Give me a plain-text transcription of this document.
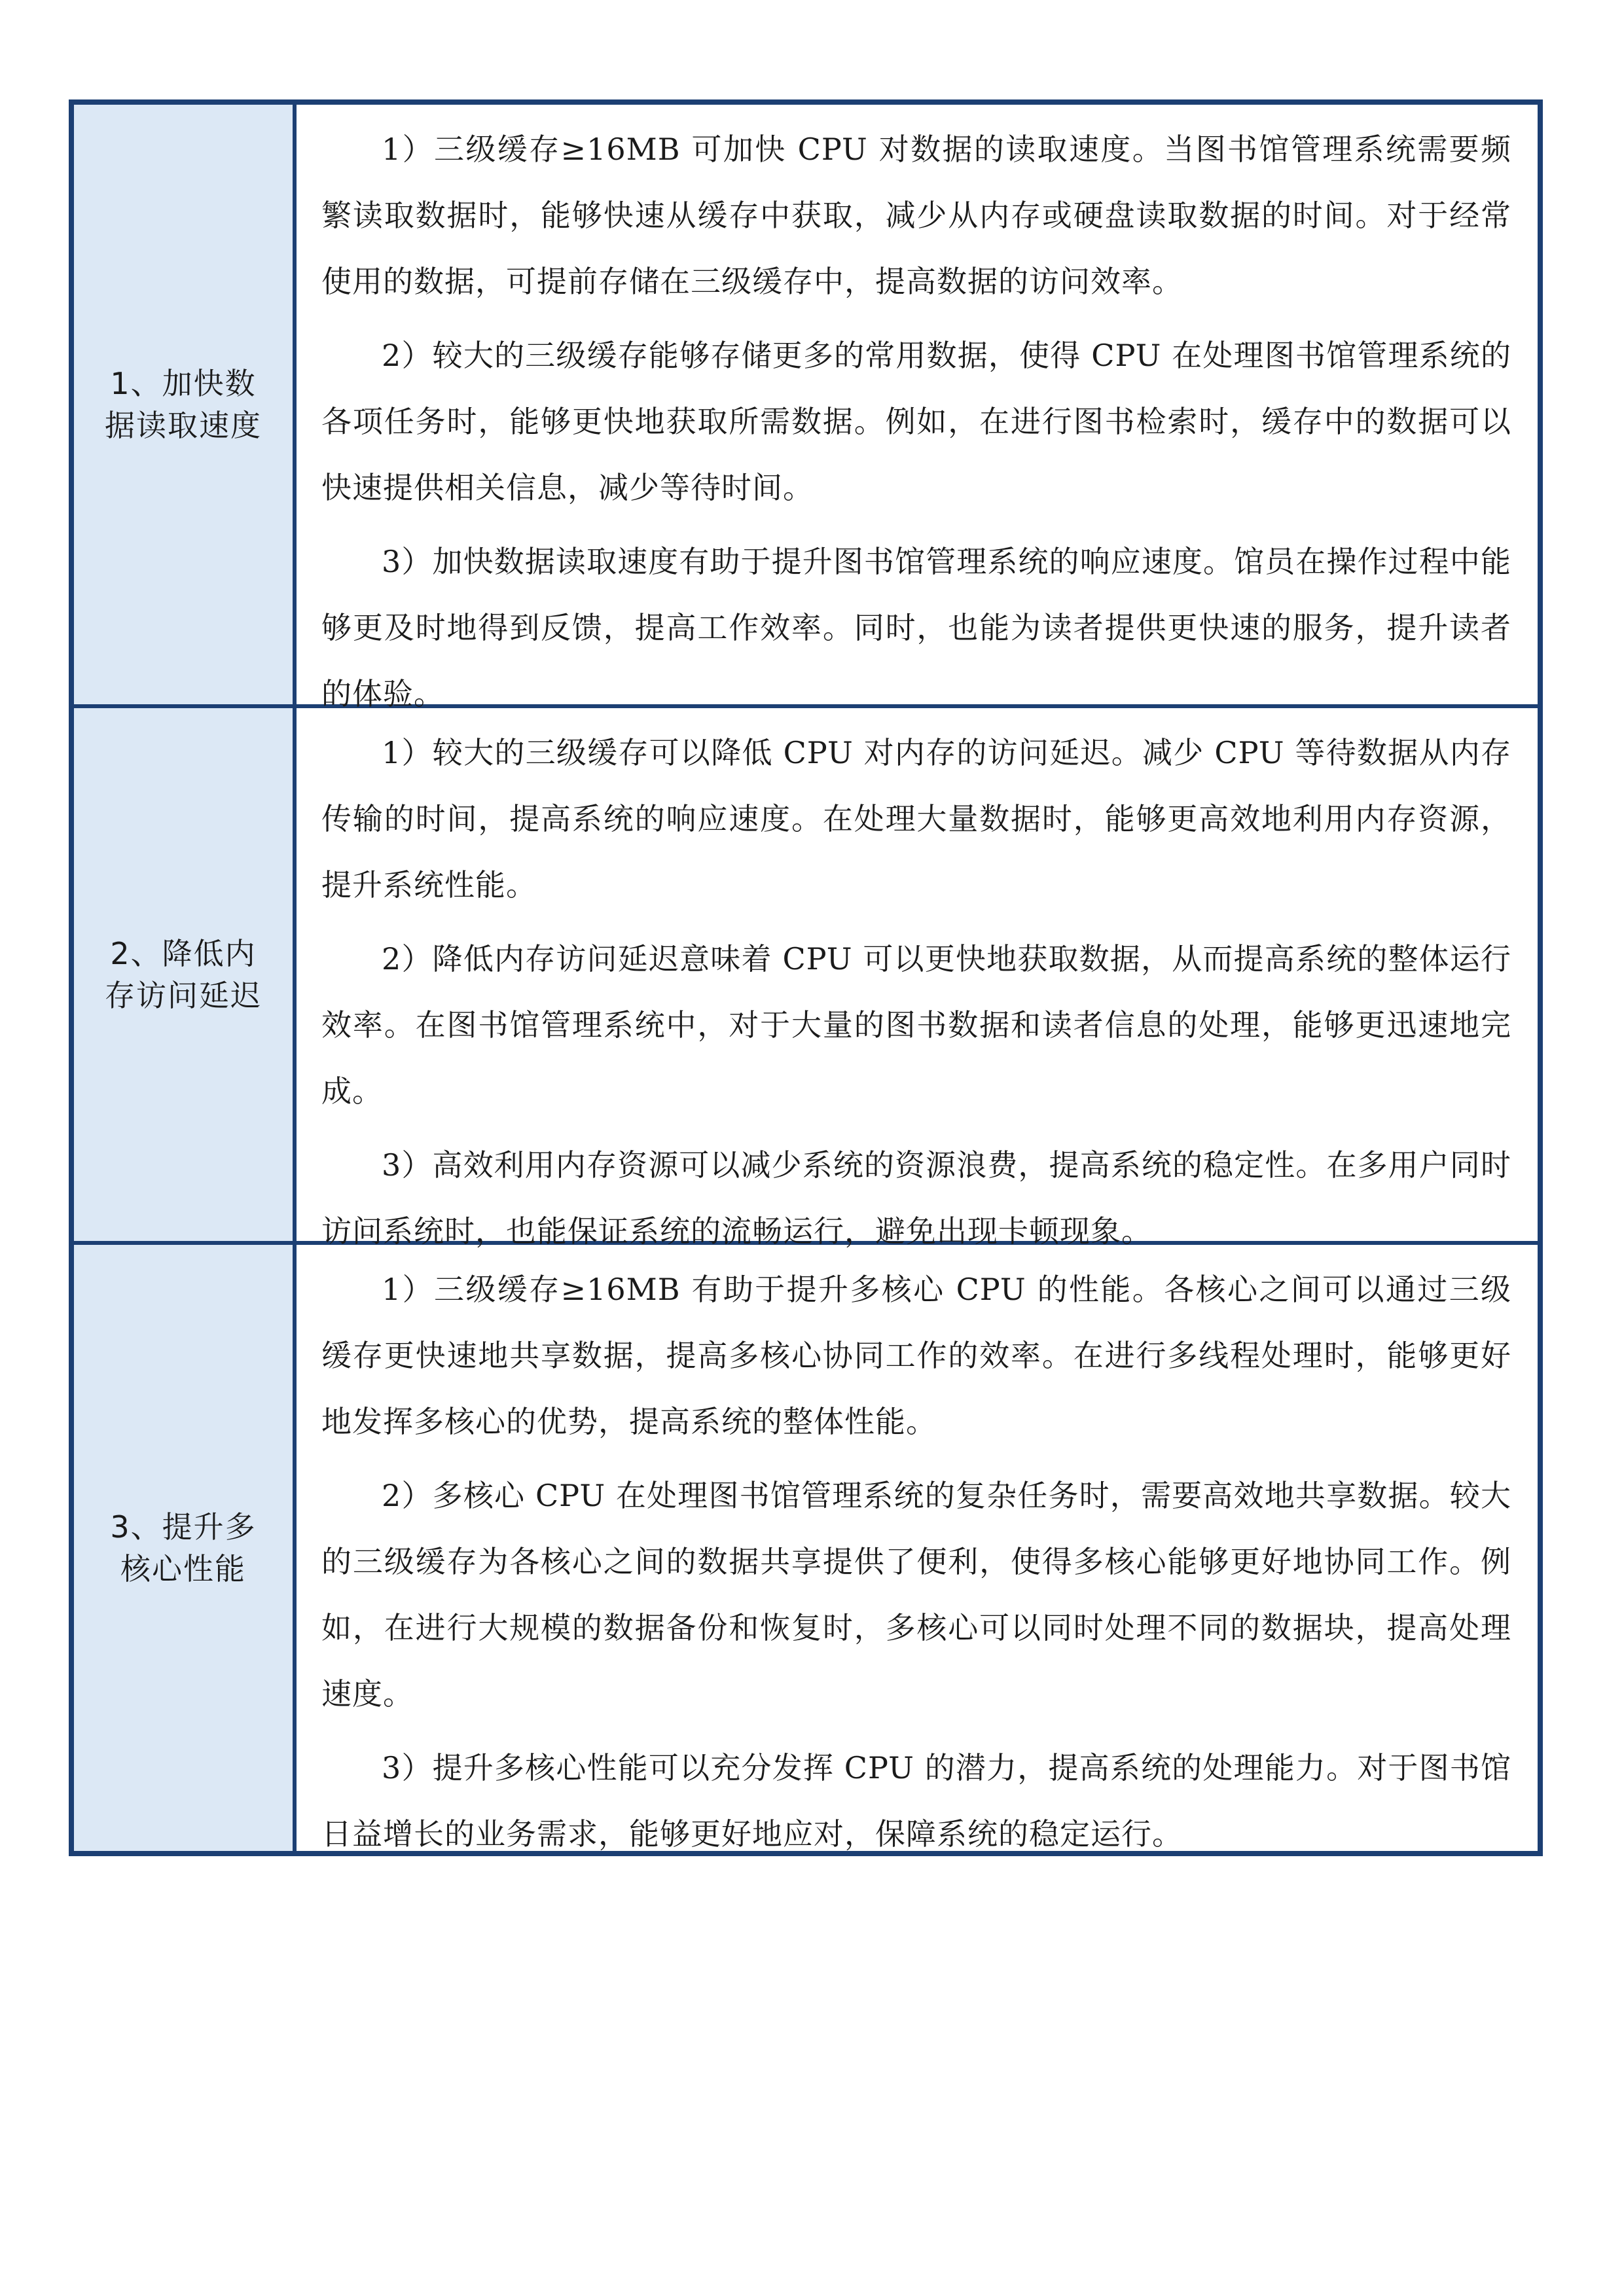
1、加快数据读取速度

1）三级缓存≥16MB 可加快 CPU 对数据的读取速度。当图书馆管理系统需要频繁读取数据时，能够快速从缓存中获取，减少从内存或硬盘读取数据的时间。对于经常使用的数据，可提前存储在三级缓存中，提高数据的访问效率。

2）较大的三级缓存能够存储更多的常用数据，使得 CPU 在处理图书馆管理系统的各项任务时，能够更快地获取所需数据。例如，在进行图书检索时，缓存中的数据可以快速提供相关信息，减少等待时间。

3）加快数据读取速度有助于提升图书馆管理系统的响应速度。馆员在操作过程中能够更及时地得到反馈，提高工作效率。同时，也能为读者提供更快速的服务，提升读者的体验。

2、降低内存访问延迟

1）较大的三级缓存可以降低 CPU 对内存的访问延迟。减少 CPU 等待数据从内存传输的时间，提高系统的响应速度。在处理大量数据时，能够更高效地利用内存资源，提升系统性能。

2）降低内存访问延迟意味着 CPU 可以更快地获取数据，从而提高系统的整体运行效率。在图书馆管理系统中，对于大量的图书数据和读者信息的处理，能够更迅速地完成。

3）高效利用内存资源可以减少系统的资源浪费，提高系统的稳定性。在多用户同时访问系统时，也能保证系统的流畅运行，避免出现卡顿现象。

3、提升多核心性能

1）三级缓存≥16MB 有助于提升多核心 CPU 的性能。各核心之间可以通过三级缓存更快速地共享数据，提高多核心协同工作的效率。在进行多线程处理时，能够更好地发挥多核心的优势，提高系统的整体性能。

2）多核心 CPU 在处理图书馆管理系统的复杂任务时，需要高效地共享数据。较大的三级缓存为各核心之间的数据共享提供了便利，使得多核心能够更好地协同工作。例如，在进行大规模的数据备份和恢复时，多核心可以同时处理不同的数据块，提高处理速度。

3）提升多核心性能可以充分发挥 CPU 的潜力，提高系统的处理能力。对于图书馆日益增长的业务需求，能够更好地应对，保障系统的稳定运行。
